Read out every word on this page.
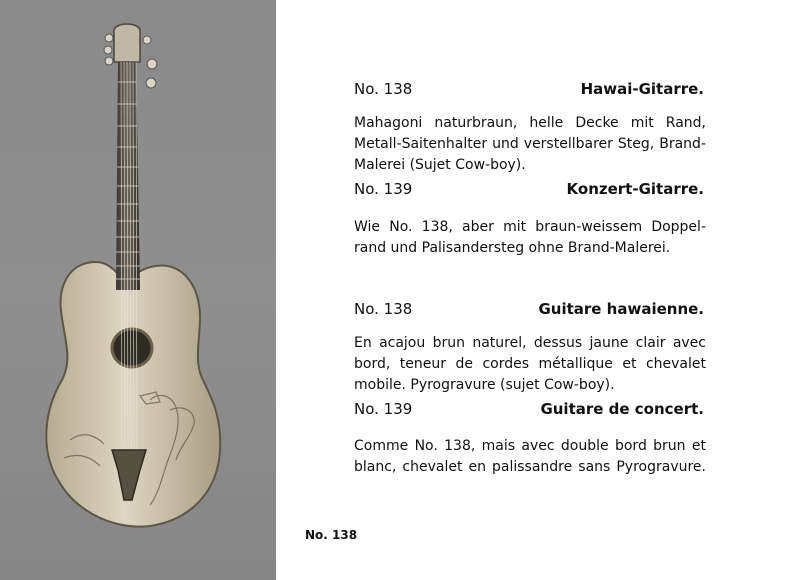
No. 138
No. 138	Hawai-Gitarre.
Mahagoni naturbraun, helle Decke mit Rand,
Metall-Saitenhalter und verstellbarer Steg, Brand-
Malerei (Sujet Cow-boy).
No. 139	Konzert-Gitarre.
Wie No. 138, aber mit braun-weissem Doppel-
rand und Palisandersteg ohne Brand-Malerei.
No. 138	Guitare hawaienne.
En acajou brun naturel, dessus jaune clair avec
bord, teneur de cordes métallique et chevalet
mobile. Pyrogravure (sujet Cow-boy).
No. 139	Guitare de concert.
Comme No. 138, mais avec double bord brun et
blanc, chevalet en palissandre sans Pyrogravure.
